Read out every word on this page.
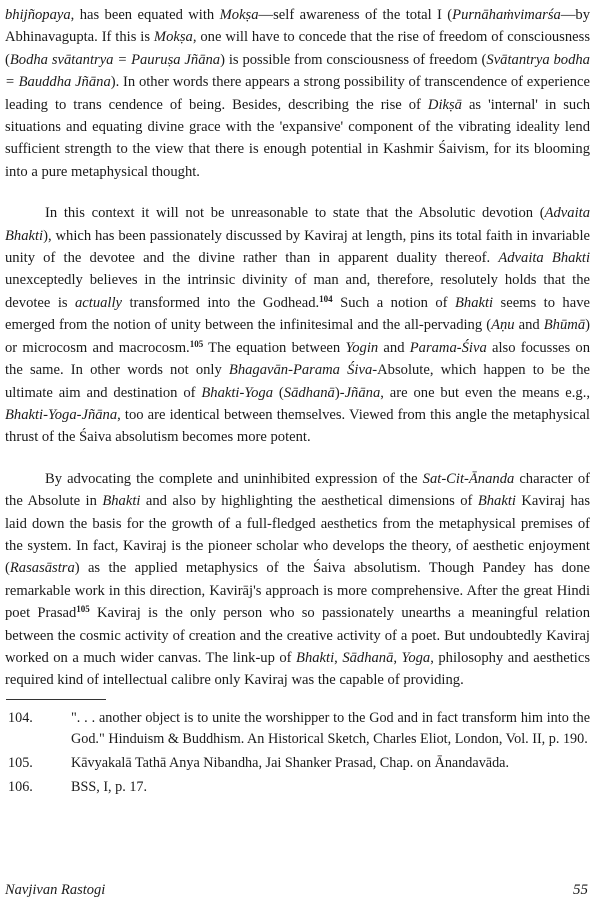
bhijñopaya, has been equated with Mokṣa—self awareness of the total I (Purnāhaṁvimarśa—by Abhinavagupta. If this is Mokṣa, one will have to concede that the rise of freedom of consciousness (Bodha svātantrya = Pauruṣa Jñāna) is possible from consciousness of freedom (Svātantrya bodha = Bauddha Jñāna). In other words there appears a strong possibility of transcendence of experience leading to trans cendence of being. Besides, describing the rise of Dikṣā as 'internal' in such situations and equating divine grace with the 'expansive' component of the vibrating ideality lend sufficient strength to the view that there is enough potential in Kashmir Śaivism, for its blooming into a pure metaphysical thought.

In this context it will not be unreasonable to state that the Absolutic devotion (Advaita Bhakti), which has been passionately discussed by Kaviraj at length, pins its total faith in invariable unity of the devotee and the divine rather than in apparent duality thereof. Advaita Bhakti unexceptedly believes in the intrinsic divinity of man and, therefore, resolutely holds that the devotee is actually transformed into the Godhead.$^{104}$ Such a notion of Bhakti seems to have emerged from the notion of unity between the infinitesimal and the all-pervading (Aṇu and Bhūmā) or microcosm and macrocosm.$^{105}$ The equation between Yogin and Parama-Śiva also focusses on the same. In other words not only Bhagavān-Parama Śiva-Absolute, which happen to be the ultimate aim and destination of Bhakti-Yoga (Sādhanā)-Jñāna, are one but even the means e.g., Bhakti-Yoga-Jñāna, too are identical between themselves. Viewed from this angle the metaphysical thrust of the Śaiva absolutism becomes more potent.

By advocating the complete and uninhibited expression of the Sat-Cit-Ānanda character of the Absolute in Bhakti and also by highlighting the aesthetical dimensions of Bhakti Kaviraj has laid down the basis for the growth of a full-fledged aesthetics from the metaphysical premises of the system. In fact, Kaviraj is the pioneer scholar who develops the theory, of aesthetic enjoyment (Rasasāstra) as the applied metaphysics of the Śaiva absolutism. Though Pandey has done remarkable work in this direction, Kavirāj's approach is more comprehensive. After the great Hindi poet Prasad$^{105}$ Kaviraj is the only person who so passionately unearths a meaningful relation between the cosmic activity of creation and the creative activity of a poet. But undoubtedly Kaviraj worked on a much wider canvas. The link-up of Bhakti, Sādhanā, Yoga, philosophy and aesthetics required kind of intellectual calibre only Kaviraj was the capable of providing.

104.	". . . another object is to unite the worshipper to the God and in fact transform him into the God." Hinduism & Buddhism. An Historical Sketch, Charles Eliot, London, Vol. II, p. 190.
105.	Kāvyakalā Tathā Anya Nibandha, Jai Shanker Prasad, Chap. on Ānandavāda.
106.	BSS, I, p. 17.
Navjivan Rastogi	55
